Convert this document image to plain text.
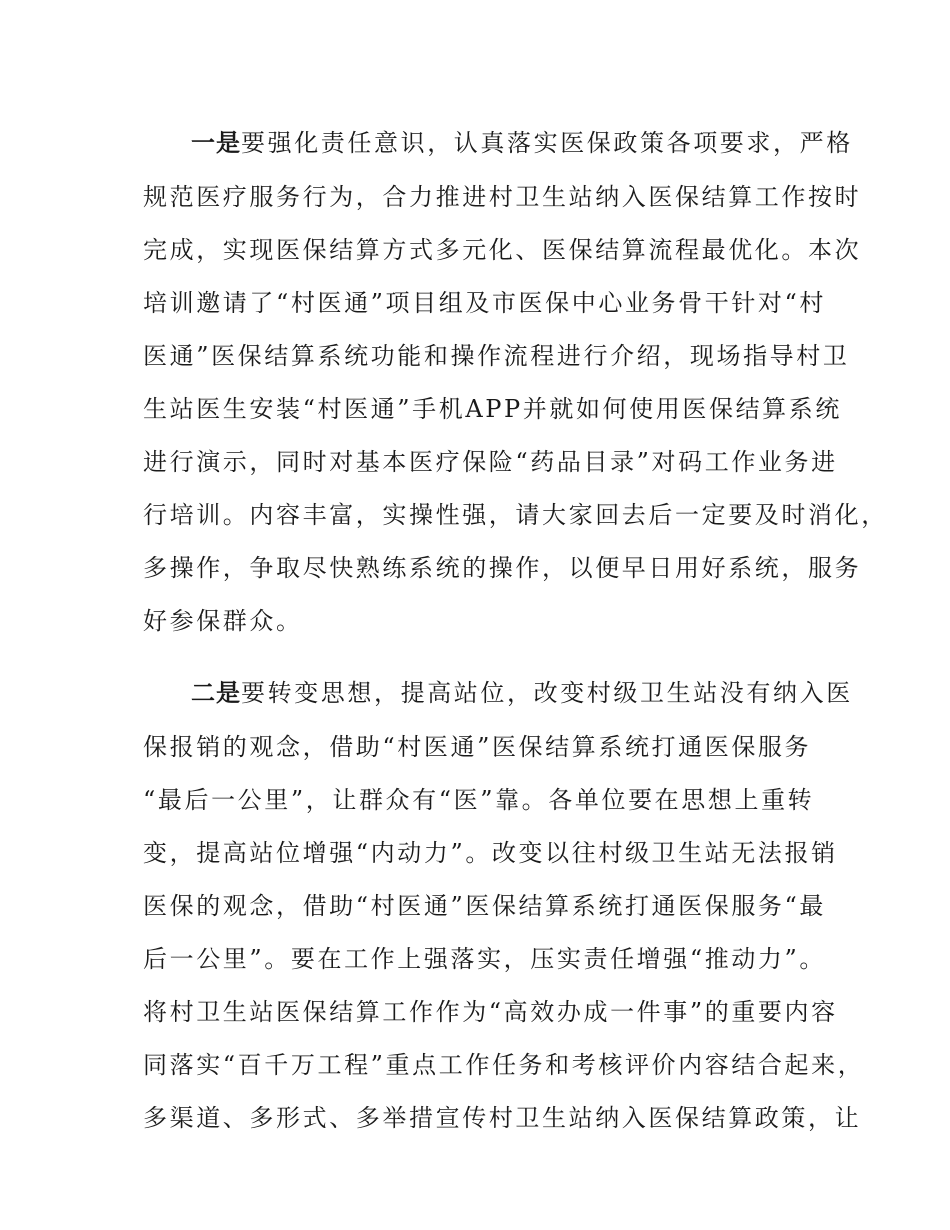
一是要强化责任意识，认真落实医保政策各项要求，严格

规范医疗服务行为，合力推进村卫生站纳入医保结算工作按时

完成，实现医保结算方式多元化、医保结算流程最优化。本次

培训邀请了“村医通”项目组及市医保中心业务骨干针对“村

医通”医保结算系统功能和操作流程进行介绍，现场指导村卫

生站医生安装“村医通”手机APP并就如何使用医保结算系统

进行演示，同时对基本医疗保险“药品目录”对码工作业务进

行培训。内容丰富，实操性强，请大家回去后一定要及时消化，

多操作，争取尽快熟练系统的操作，以便早日用好系统，服务

好参保群众。

二是要转变思想，提高站位，改变村级卫生站没有纳入医

保报销的观念，借助“村医通”医保结算系统打通医保服务

“最后一公里”，让群众有“医”靠。各单位要在思想上重转

变，提高站位增强“内动力”。改变以往村级卫生站无法报销

医保的观念，借助“村医通”医保结算系统打通医保服务“最

后一公里”。要在工作上强落实，压实责任增强“推动力”。

将村卫生站医保结算工作作为“高效办成一件事”的重要内容

同落实“百千万工程”重点工作任务和考核评价内容结合起来，

多渠道、多形式、多举措宣传村卫生站纳入医保结算政策，让
